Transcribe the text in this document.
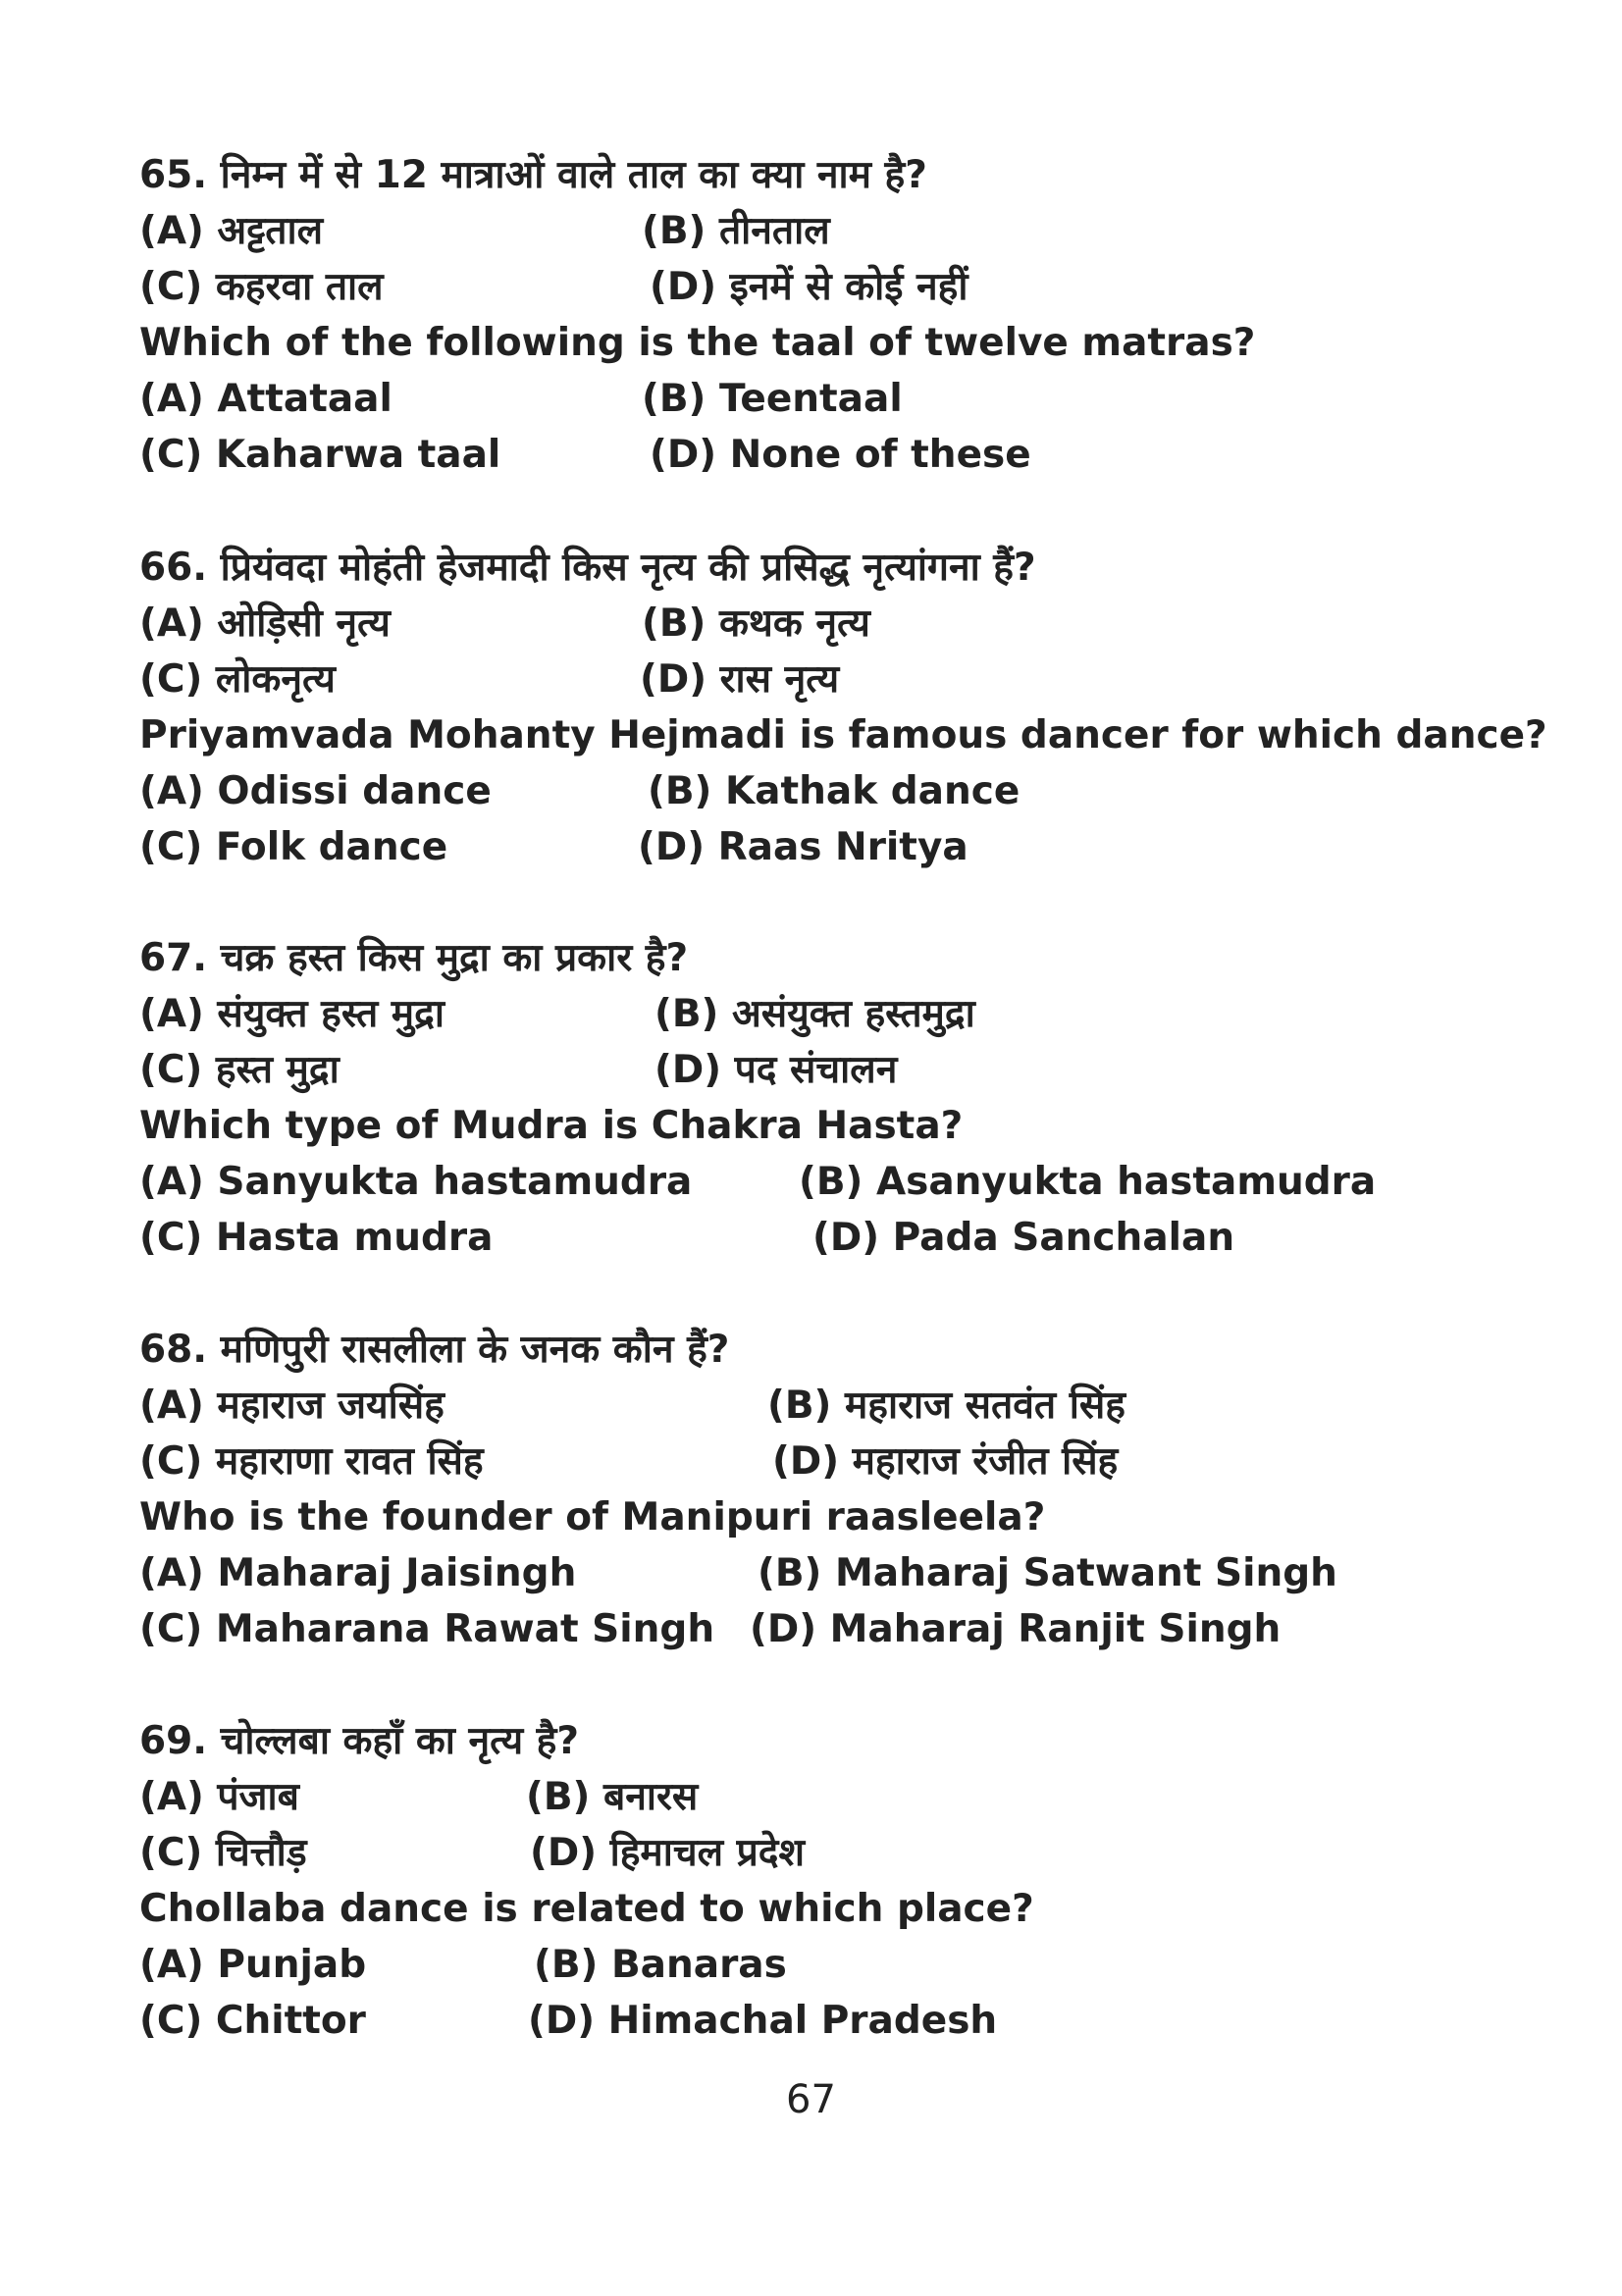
65. निम्न में से 12 मात्राओं वाले ताल का क्या नाम है?
(A) अट्टताल	(B) तीनताल
(C) कहरवा ताल	(D) इनमें से कोई नहीं
Which of the following is the taal of twelve matras?
(A) Attataal	(B) Teentaal
(C) Kaharwa taal	(D) None of these
66. प्रियंवदा मोहंती हेजमादी किस नृत्य की प्रसिद्ध नृत्यांगना हैं?
(A) ओड़िसी नृत्य	(B) कथक नृत्य
(C) लोकनृत्य	(D) रास नृत्य
Priyamvada Mohanty Hejmadi is famous dancer for which dance?
(A) Odissi dance	(B) Kathak dance
(C) Folk dance	(D) Raas Nritya
67. चक्र हस्त किस मुद्रा का प्रकार है?
(A) संयुक्त हस्त मुद्रा	(B) असंयुक्त हस्तमुद्रा
(C) हस्त मुद्रा	(D) पद संचालन
Which type of Mudra is Chakra Hasta?
(A) Sanyukta hastamudra	(B) Asanyukta hastamudra
(C) Hasta mudra	(D) Pada Sanchalan
68. मणिपुरी रासलीला के जनक कौन हैं?
(A) महाराज जयसिंह	(B) महाराज सतवंत सिंह
(C) महाराणा रावत सिंह	(D) महाराज रंजीत सिंह
Who is the founder of Manipuri raasleela?
(A) Maharaj Jaisingh	(B) Maharaj Satwant Singh
(C) Maharana Rawat Singh (D) Maharaj Ranjit Singh
69. चोल्लबा कहाँ का नृत्य है?
(A) पंजाब	(B) बनारस
(C) चित्तौड़	(D) हिमाचल प्रदेश
Chollaba dance is related to which place?
(A) Punjab	(B) Banaras
(C) Chittor	(D) Himachal Pradesh
67
